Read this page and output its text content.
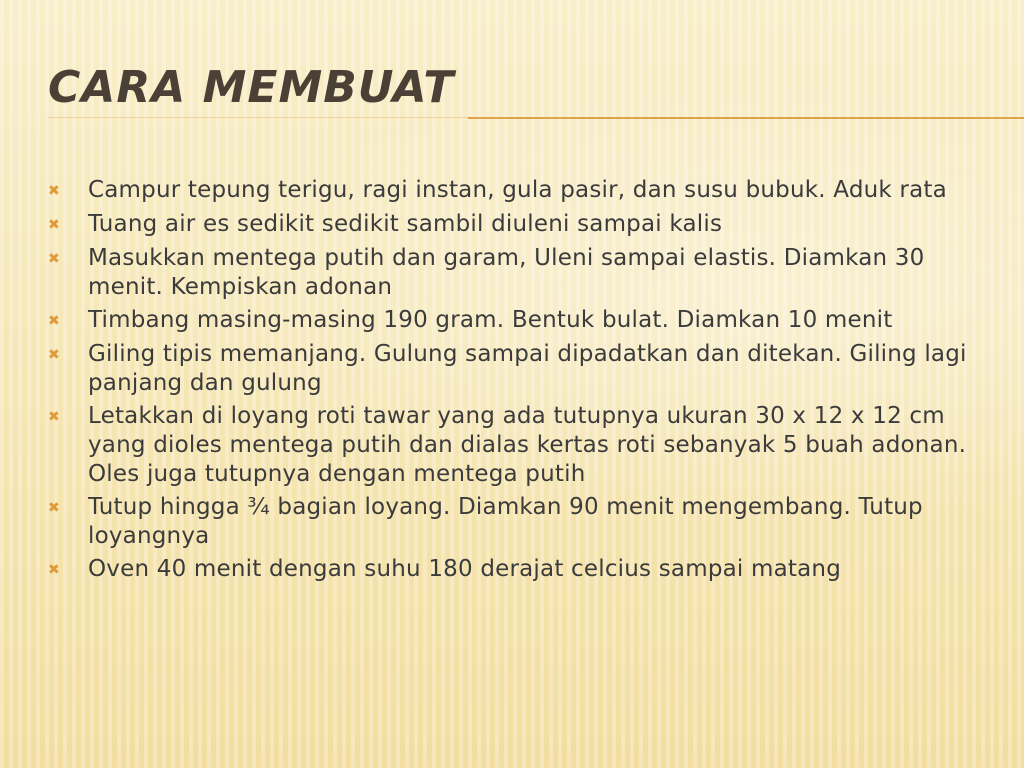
CARA MEMBUAT
✖	Campur tepung terigu, ragi instan, gula pasir, dan susu bubuk. Aduk rata
✖	Tuang air es sedikit sedikit sambil diuleni sampai kalis
✖	Masukkan mentega putih dan garam, Uleni sampai elastis. Diamkan 30 menit. Kempiskan adonan
✖	Timbang masing-masing 190 gram. Bentuk bulat. Diamkan 10 menit
✖	Giling tipis memanjang. Gulung sampai dipadatkan dan ditekan. Giling lagi panjang dan gulung
✖	Letakkan di loyang roti tawar yang ada tutupnya ukuran 30 x 12 x 12 cm yang dioles mentega putih dan dialas kertas roti sebanyak 5 buah adonan. Oles juga tutupnya dengan mentega putih
✖	Tutup hingga ¾ bagian loyang. Diamkan 90 menit mengembang. Tutup loyangnya
✖	Oven 40 menit dengan suhu 180 derajat celcius sampai matang
